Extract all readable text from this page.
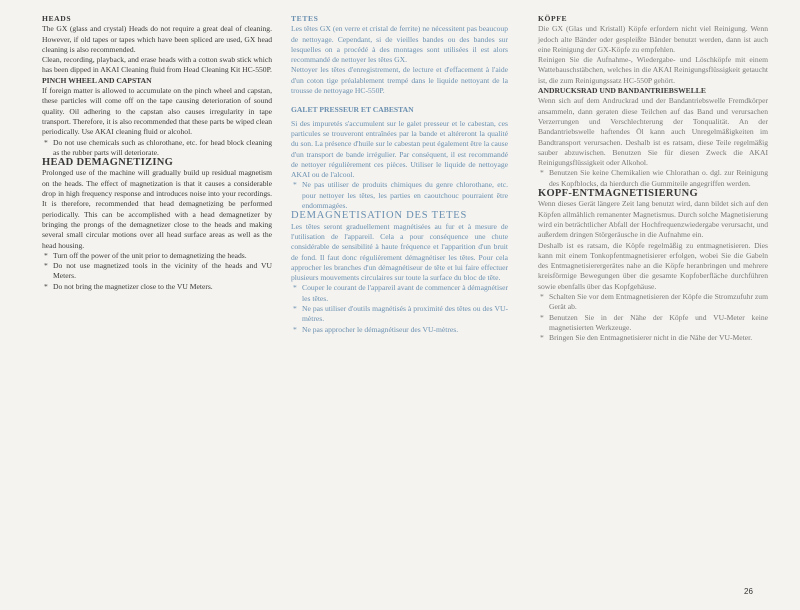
HEADS

The GX (glass and crystal) Heads do not require a great deal of cleaning. However, if old tapes or tapes which have been spliced are used, GX head cleaning is also recommended.

Clean, recording, playback, and erase heads with a cotton swab stick which has been dipped in AKAI Cleaning fluid from Head Cleaning Kit HC-550P.

PINCH WHEEL AND CAPSTAN

If foreign matter is allowed to accumulate on the pinch wheel and capstan, these particles will come off on the tape causing deterioration of sound quality. Oil adhering to the capstan also causes irregularity in tape transport. Therefore, it is also recommended that these parts be wiped clean periodically. Use AKAI cleaning fluid or alcohol.

* Do not use chemicals such as chlorothane, etc. for head block cleaning as the rubber parts will deteriorate.

HEAD DEMAGNETIZING

Prolonged use of the machine will gradually build up residual magnetism on the heads. The effect of magnetization is that it causes a considerable drop in high frequency response and introduces noise into your recordings. It is therefore, recommended that head demagnetizing be performed periodically. This can be accomplished with a head demagnetizer by bringing the prongs of the demagnetizer close to the heads and making several small circular motions over all head surface areas as well as the head housing.

* Turn off the power of the unit prior to demagnetizing the heads.
* Do not use magnetized tools in the vicinity of the heads and VU Meters.
* Do not bring the magnetizer close to the VU Meters.

TETES

Les têtes GX (en verre et cristal de ferrite) ne nécessitent pas beaucoup de nettoyage. Cependant, si de vieilles bandes ou des bandes sur lesquelles on a procédé à des montages sont utilisées il est alors recommandé de nettoyer les têtes GX.

Nettoyer les têtes d'enregistrement, de lecture et d'effacement à l'aide d'un coton tige préalablement trempé dans le liquide nettoyant de la trousse de nettoyage HC-550P.

GALET PRESSEUR ET CABESTAN

Si des impuretés s'accumulent sur le galet presseur et le cabestan, ces particules se trouveront entraînées par la bande et altéreront la qualité du son. La présence d'huile sur le cabestan peut également être la cause d'un transport de bande irrégulier. Par conséquent, il est recommandé de nettoyer régulièrement ces pièces. Utiliser le liquide de nettoyage AKAI ou de l'alcool.

* Ne pas utiliser de produits chimiques du genre chlorothane, etc. pour nettoyer les têtes, les parties en caoutchouc pourraient être endommagées.

DEMAGNETISATION DES TETES

Les têtes seront graduellement magnétisées au fur et à mesure de l'utilisation de l'appareil. Cela a pour conséquence une chute considérable de sensibilité à haute fréquence et l'apparition d'un bruit de fond. Il faut donc régulièrement démagnétiser les têtes. Pour cela approcher les branches d'un démagnétiseur de tête et lui faire effectuer plusieurs mouvements circulaires sur toute la surface du bloc de tête.

* Couper le courant de l'appareil avant de commencer à démagnétiser les têtes.
* Ne pas utiliser d'outils magnétisés à proximité des têtes ou des VU-mètres.
* Ne pas approcher le démagnétiseur des VU-mètres.

KÖPFE

Die GX (Glas und Kristall) Köpfe erfordern nicht viel Reinigung. Wenn jedoch alte Bänder oder gespleißte Bänder benutzt werden, dann ist auch eine Reinigung der GX-Köpfe zu empfehlen.

Reinigen Sie die Aufnahme-, Wiedergabe- und Löschköpfe mit einem Wattebauschstäbchen, welches in die AKAI Reinigungsflüssigkeit getaucht ist, die zum Reinigungssatz HC-550P gehört.

ANDRUCKSRAD UND BANDANTRIEBSWELLE

Wenn sich auf dem Andruckrad und der Bandantriebswelle Fremdkörper ansammeln, dann geraten diese Teilchen auf das Band und verursachen Verzerrungen und Verschlechterung der Tonqualität. An der Bandantriebswelle haftendes Öl kann auch Unregelmäßigkeiten im Bandtransport verursachen. Deshalb ist es ratsam, diese Teile regelmäßig sauber abzuwischen. Benutzen Sie für diesen Zweck die AKAI Reinigungsflüssigkeit oder Alkohol.

* Benutzen Sie keine Chemikalien wie Chlorathan o. dgl. zur Reinigung des Kopfblocks, da hierdurch die Gummiteile angegriffen werden.

KOPF-ENTMAGNETISIERUNG

Wenn dieses Gerät längere Zeit lang benutzt wird, dann bildet sich auf den Köpfen allmählich remanenter Magnetismus. Durch solche Magnetisierung wird ein beträchtlicher Abfall der Hochfrequenzwiedergabe verursacht, und außerdem dringen Störgeräusche in die Aufnahme ein.

Deshalb ist es ratsam, die Köpfe regelmäßig zu entmagnetisieren. Dies kann mit einem Tonkopfentmagnetisierer erfolgen, wobei Sie die Gabeln des Entmagnetisierergerätes nahe an die Köpfe heranbringen und mehrere kreisförmige Bewegungen über die gesamte Kopfoberfläche durchführen sowie ebenfalls über das Kopfgehäuse.

* Schalten Sie vor dem Entmagnetisieren der Köpfe die Stromzufuhr zum Gerät ab.
* Benutzen Sie in der Nähe der Köpfe und VU-Meter keine magnetisierten Werkzeuge.
* Bringen Sie den Entmagnetisierer nicht in die Nähe der VU-Meter.
26
